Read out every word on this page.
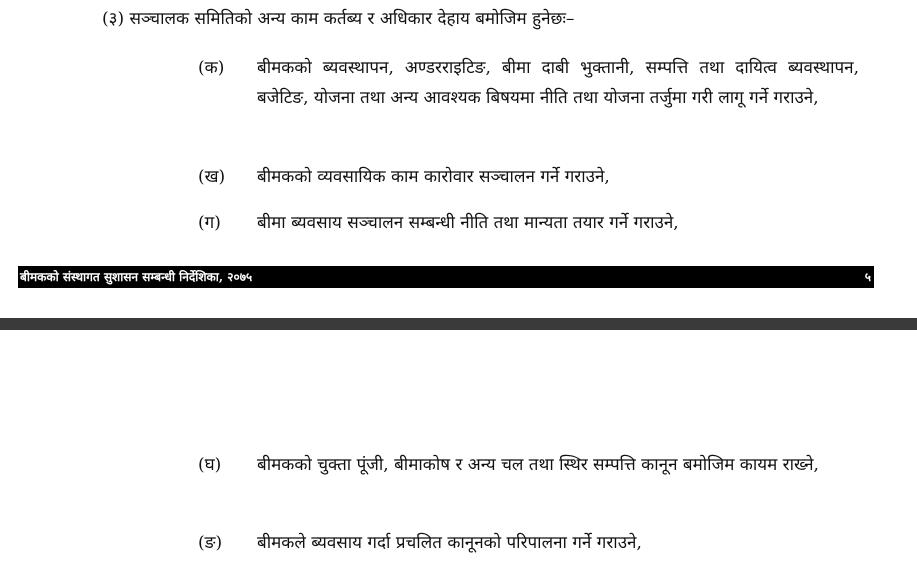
(३) सञ्चालक समितिको अन्य काम कर्तब्य र अधिकार देहाय बमोजिम हुनेछः–
(क)	बीमकको ब्यवस्थापन, अण्डरराइटिङ, बीमा दाबी भुक्तानी, सम्पत्ति तथा दायित्व ब्यवस्थापन, बजेटिङ, योजना तथा अन्य आवश्यक बिषयमा नीति तथा योजना तर्जुमा गरी लागू गर्ने गराउने,
(ख)	बीमकको व्यवसायिक काम कारोवार सञ्चालन गर्ने गराउने,
(ग)	बीमा ब्यवसाय सञ्चालन सम्बन्धी नीति तथा मान्यता तयार गर्ने गराउने,
बीमकको संस्थागत सुशासन सम्बन्धी निर्देशिका, २०७५	५
(घ)	बीमकको चुक्ता पूंजी, बीमाकोष र अन्य चल तथा स्थिर सम्पत्ति कानून बमोजिम कायम राख्ने,
(ङ)	बीमकले ब्यवसाय गर्दा प्रचलित कानूनको परिपालना गर्ने गराउने,
